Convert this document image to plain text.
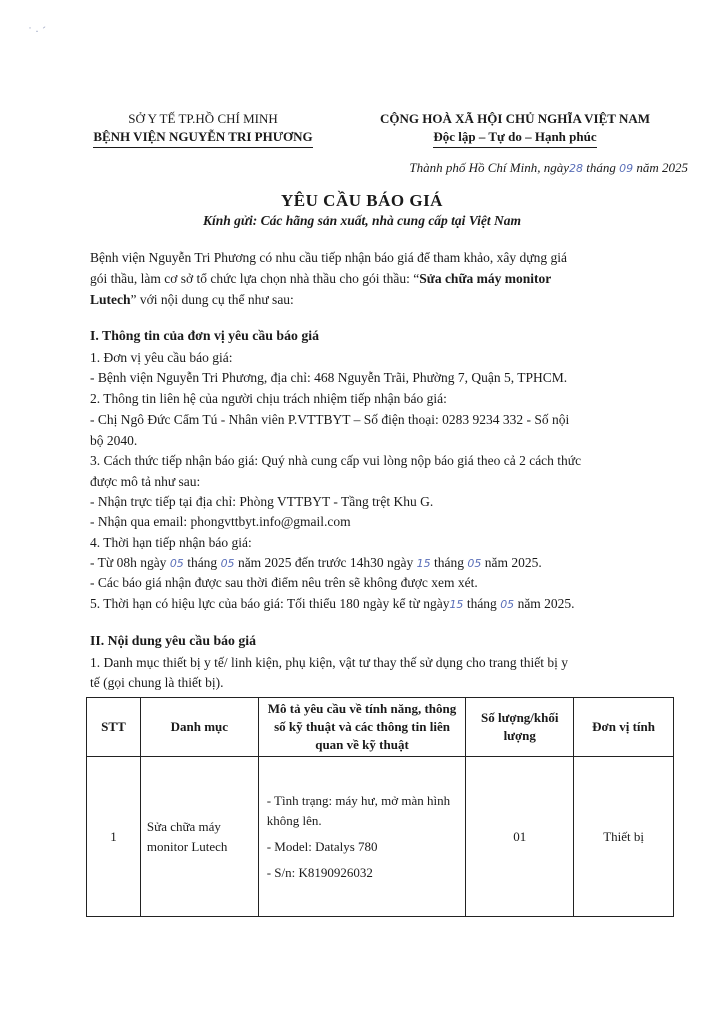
˙ · ˊ
SỞ Y TẾ TP.HỒ CHÍ MINH
BỆNH VIỆN NGUYỄN TRI PHƯƠNG
CỘNG HOÀ XÃ HỘI CHỦ NGHĨA VIỆT NAM
Độc lập – Tự do – Hạnh phúc
Thành phố Hồ Chí Minh, ngày28 tháng 09 năm 2025
YÊU CẦU BÁO GIÁ
Kính gửi: Các hãng sản xuất, nhà cung cấp tại Việt Nam
Bệnh viện Nguyễn Tri Phương có nhu cầu tiếp nhận báo giá để tham khảo, xây dựng giá
gói thầu, làm cơ sở tổ chức lựa chọn nhà thầu cho gói thầu: “Sửa chữa máy monitor
Lutech” với nội dung cụ thể như sau:
I. Thông tin của đơn vị yêu cầu báo giá
1. Đơn vị yêu cầu báo giá:
- Bệnh viện Nguyễn Tri Phương, địa chỉ: 468 Nguyễn Trãi, Phường 7, Quận 5, TPHCM.
2. Thông tin liên hệ của người chịu trách nhiệm tiếp nhận báo giá:
- Chị Ngô Đức Cẩm Tú - Nhân viên P.VTTBYT – Số điện thoại: 0283 9234 332 - Số nội
bộ 2040.
3. Cách thức tiếp nhận báo giá: Quý nhà cung cấp vui lòng nộp báo giá theo cả 2 cách thức
được mô tả như sau:
- Nhận trực tiếp tại địa chỉ: Phòng VTTBYT - Tầng trệt Khu G.
- Nhận qua email: phongvttbyt.info@gmail.com
4. Thời hạn tiếp nhận báo giá:
- Từ 08h ngày 05 tháng 05 năm 2025 đến trước 14h30 ngày 15 tháng 05 năm 2025.
- Các báo giá nhận được sau thời điểm nêu trên sẽ không được xem xét.
5. Thời hạn có hiệu lực của báo giá: Tối thiểu 180 ngày kể từ ngày15 tháng 05 năm 2025.
II. Nội dung yêu cầu báo giá
1. Danh mục thiết bị y tế/ linh kiện, phụ kiện, vật tư thay thế sử dụng cho trang thiết bị y
tế (gọi chung là thiết bị).
STT	Danh mục	Mô tả yêu cầu về tính năng, thông số kỹ thuật và các thông tin liên quan về kỹ thuật	Số lượng/khối lượng	Đơn vị tính
1	Sửa chữa máy monitor Lutech	- Tình trạng: máy hư, mở màn hình không lên.
- Model: Datalys 780
- S/n: K8190926032	01	Thiết bị
